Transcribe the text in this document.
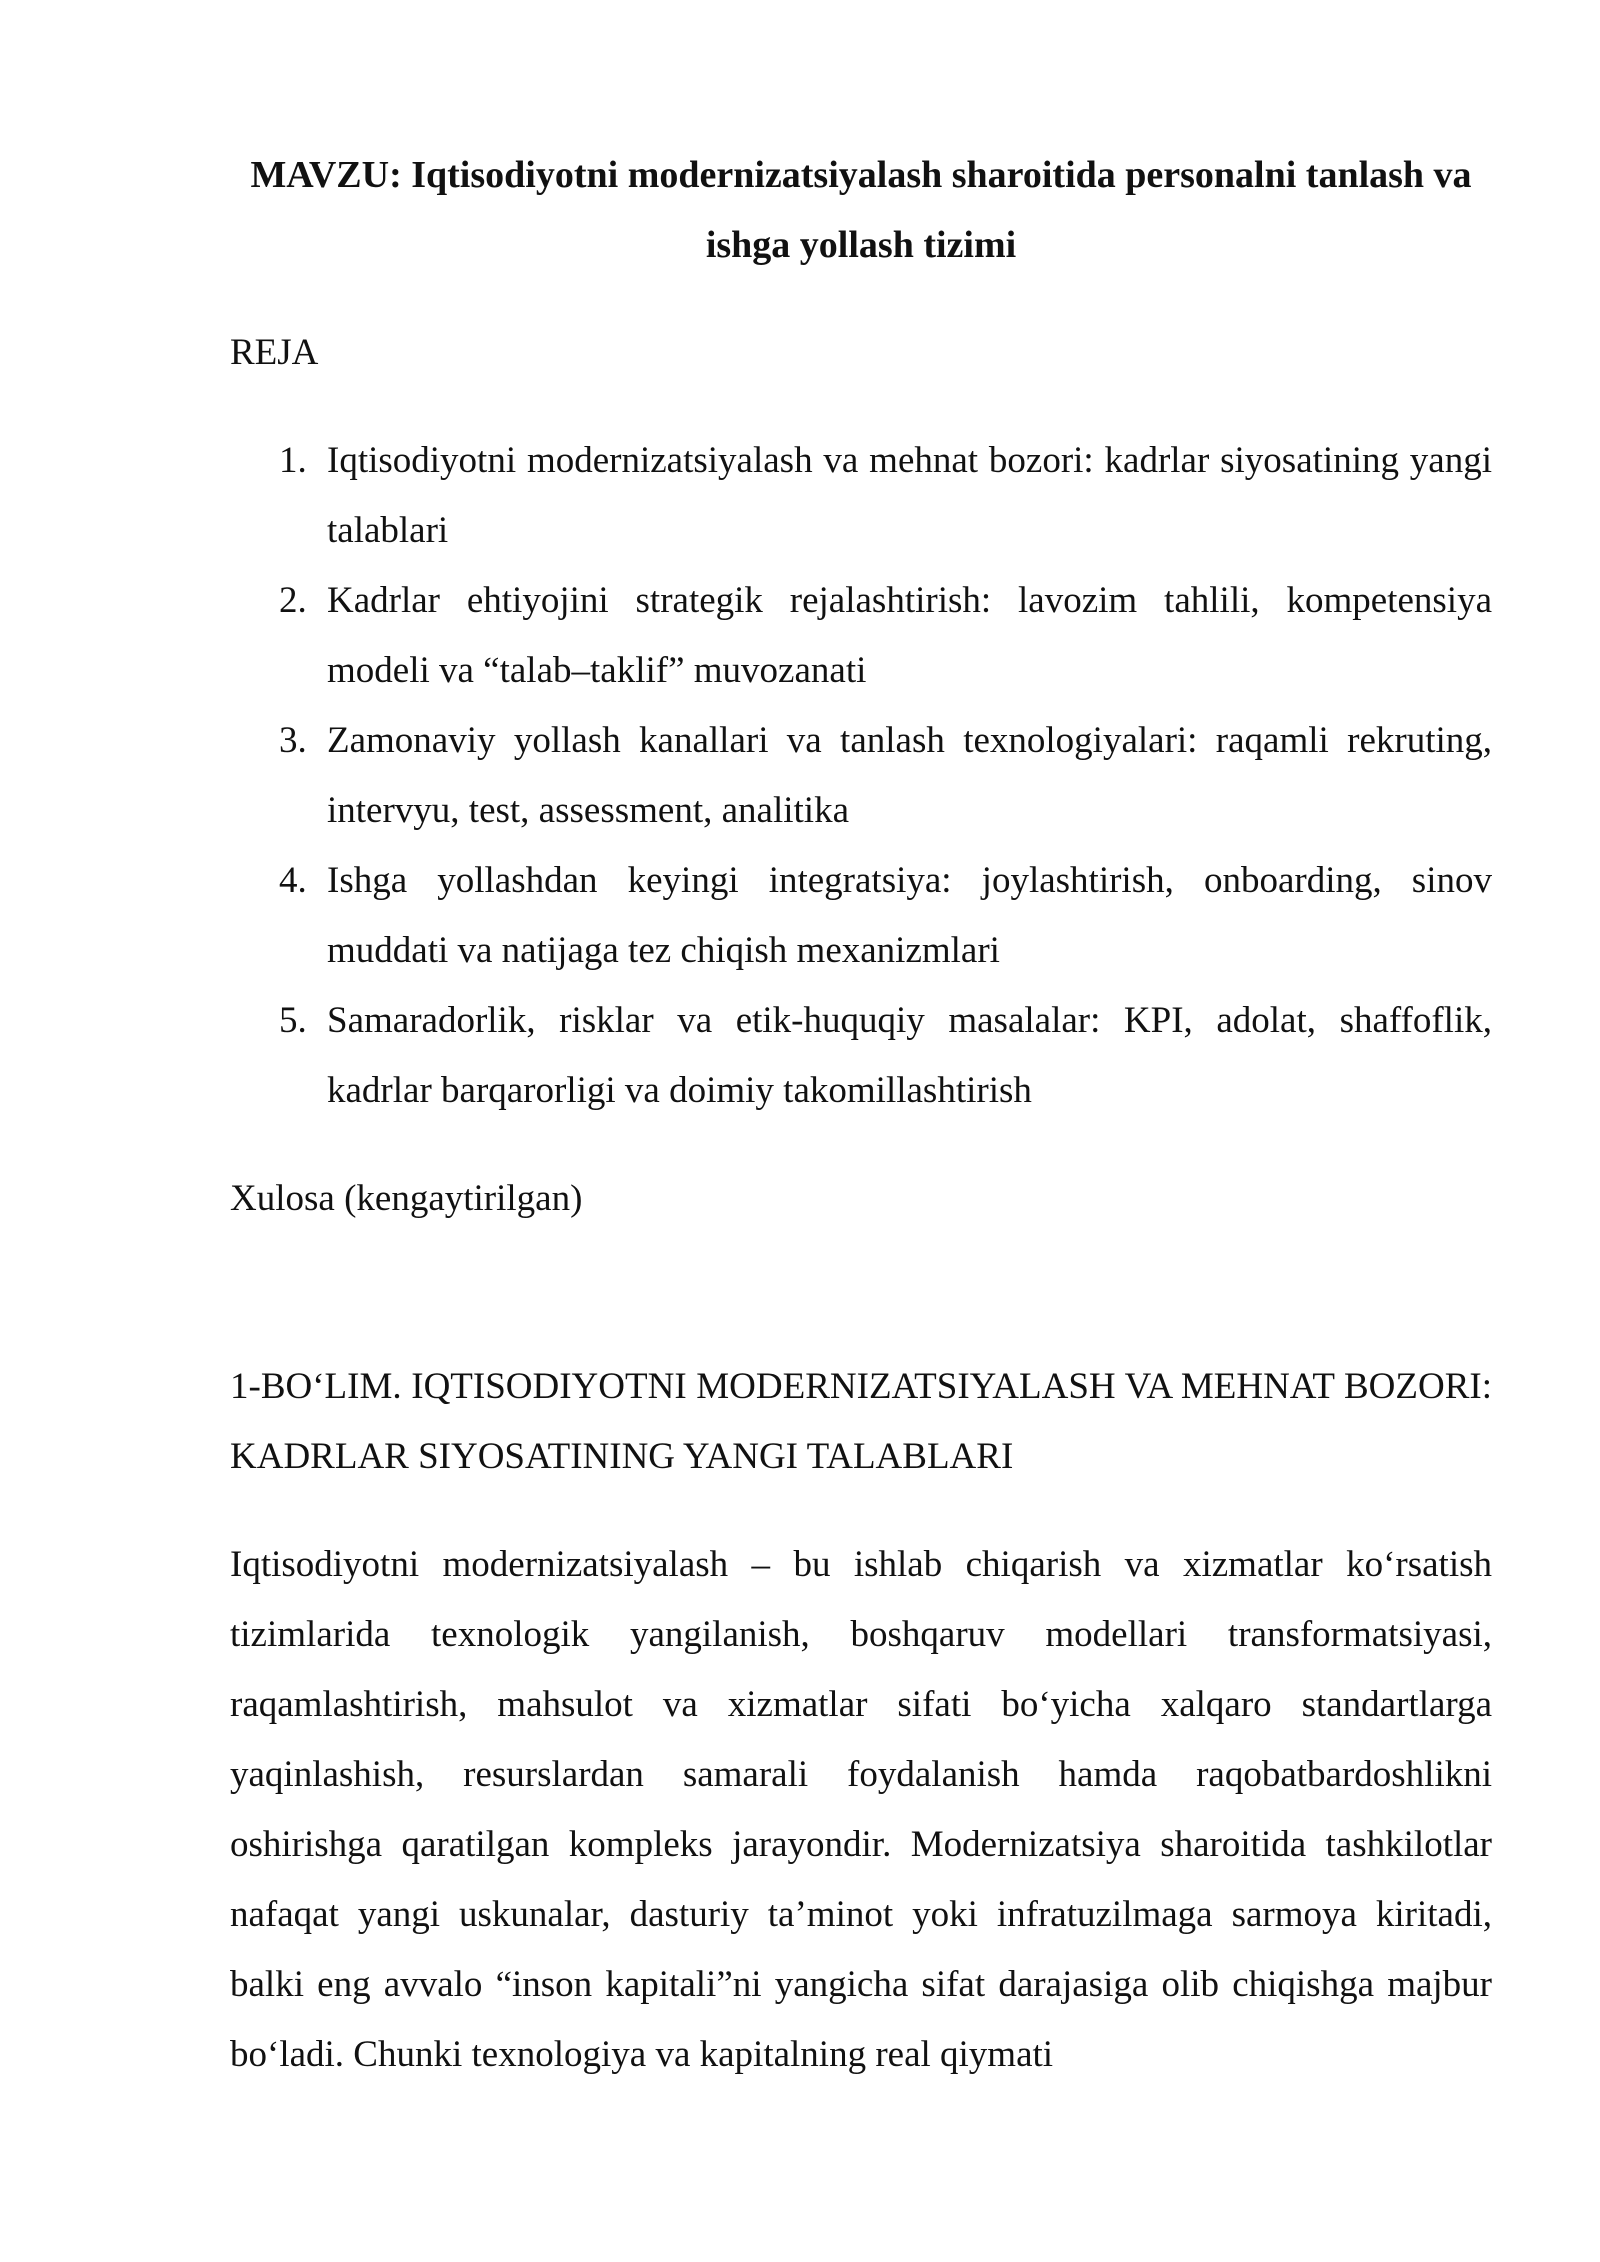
MAVZU: Iqtisodiyotni modernizatsiyalash sharoitida personalni tanlash va ishga yollash tizimi

REJA

1. Iqtisodiyotni modernizatsiyalash va mehnat bozori: kadrlar siyosatining yangi talablari
2. Kadrlar ehtiyojini strategik rejalashtirish: lavozim tahlili, kompetensiya modeli va “talab–taklif” muvozanati
3. Zamonaviy yollash kanallari va tanlash texnologiyalari: raqamli rekruting, intervyu, test, assessment, analitika
4. Ishga yollashdan keyingi integratsiya: joylashtirish, onboarding, sinov muddati va natijaga tez chiqish mexanizmlari
5. Samaradorlik, risklar va etik-huquqiy masalalar: KPI, adolat, shaffoflik, kadrlar barqarorligi va doimiy takomillashtirish

Xulosa (kengaytirilgan)

1-BO‘LIM. IQTISODIYOTNI MODERNIZATSIYALASH VA MEHNAT BOZORI: KADRLAR SIYOSATINING YANGI TALABLARI

Iqtisodiyotni modernizatsiyalash – bu ishlab chiqarish va xizmatlar ko‘rsatish tizimlarida texnologik yangilanish, boshqaruv modellari transformatsiyasi, raqamlashtirish, mahsulot va xizmatlar sifati bo‘yicha xalqaro standartlarga yaqinlashish, resurslardan samarali foydalanish hamda raqobatbardoshlikni oshirishga qaratilgan kompleks jarayondir. Modernizatsiya sharoitida tashkilotlar nafaqat yangi uskunalar, dasturiy ta’minot yoki infratuzilmaga sarmoya kiritadi, balki eng avvalo “inson kapitali”ni yangicha sifat darajasiga olib chiqishga majbur bo‘ladi. Chunki texnologiya va kapitalning real qiymati
